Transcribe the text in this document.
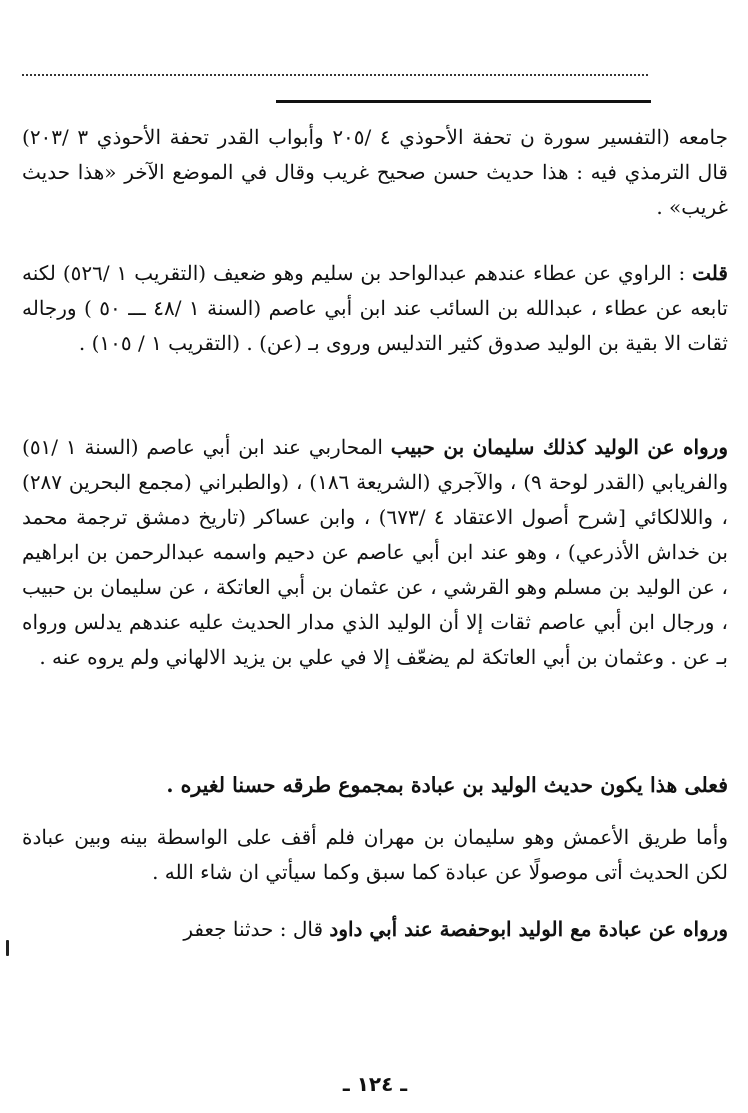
جامعه (التفسير سورة ن تحفة الأحوذي ٤ /٢٠٥ وأبواب القدر تحفة الأحوذي ٣ /٢٠٣) قال الترمذي فيه : هذا حديث حسن صحيح غريب وقال في الموضع الآخر «هذا حديث غريب» .

قلت : الراوي عن عطاء عندهم عبدالواحد بن سليم وهو ضعيف (التقريب ١ /٥٢٦) لكنه تابعه عن عطاء ، عبدالله بن السائب عند ابن أبي عاصم (السنة ١ /٤٨ ـــ ٥٠ ) ورجاله ثقات الا بقية بن الوليد صدوق كثير التدليس وروى بـ (عن) . (التقريب ١ / ١٠٥) .

ورواه عن الوليد كذلك سليمان بن حبيب المحاربي عند ابن أبي عاصم (السنة ١ /٥١) والفريابي (القدر لوحة ٩) ، والآجري (الشريعة ١٨٦) ، (والطبراني (مجمع البحرين ٢٨٧) ، واللالكائي [شرح أصول الاعتقاد ٤ /٦٧٣) ، وابن عساكر (تاريخ دمشق ترجمة محمد بن خداش الأذرعي) ، وهو عند ابن أبي عاصم عن دحيم واسمه عبدالرحمن بن ابراهيم ، عن الوليد بن مسلم وهو القرشي ، عن عثمان بن أبي العاتكة ، عن سليمان بن حبيب ، ورجال ابن أبي عاصم ثقات إلا أن الوليد الذي مدار الحديث عليه عندهم يدلس ورواه بـ عن . وعثمان بن أبي العاتكة لم يضعّف إلا في علي بن يزيد الالهاني ولم يروه عنه .

فعلى هذا يكون حديث الوليد بن عبادة بمجموع طرقه حسنا لغيره .

وأما طريق الأعمش وهو سليمان بن مهران فلم أقف على الواسطة بينه وبين عبادة لكن الحديث أتى موصولًا عن عبادة كما سبق وكما سيأتي ان شاء الله .

ورواه عن عبادة مع الوليد ابوحفصة عند أبي داود قال : حدثنا جعفر

ـ ١٢٤ ـ
